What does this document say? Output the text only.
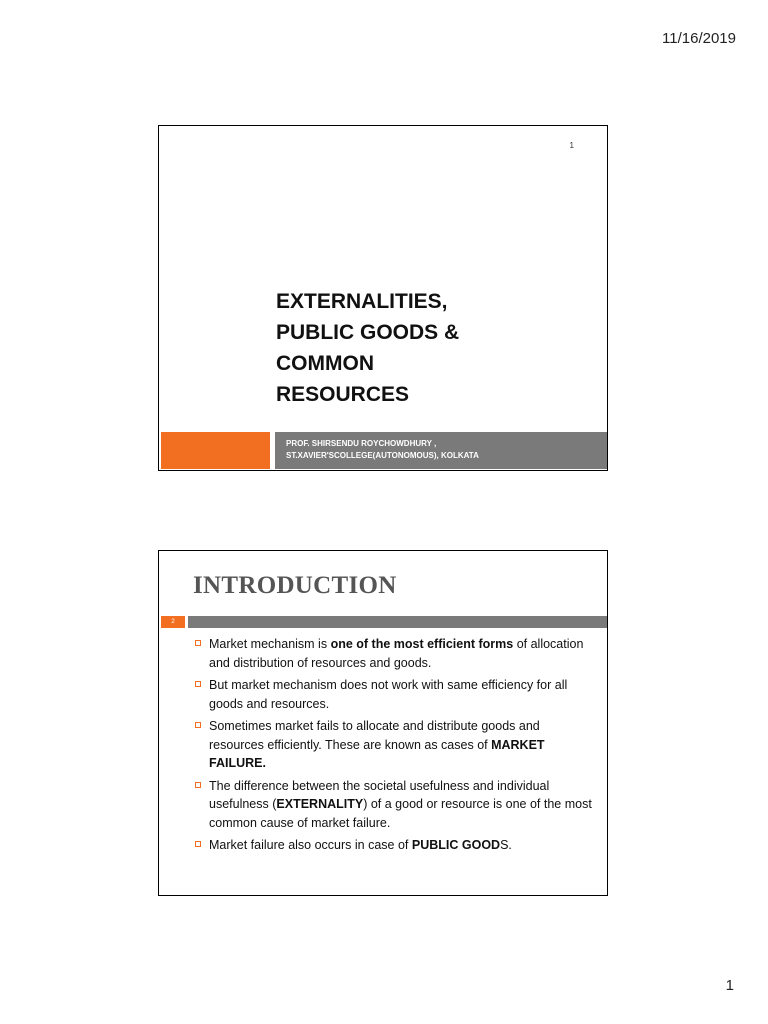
11/16/2019
1
EXTERNALITIES,
PUBLIC GOODS &
COMMON
RESOURCES
PROF. SHIRSENDU ROYCHOWDHURY ,
ST.XAVIER'SCOLLEGE(AUTONOMOUS), KOLKATA
INTRODUCTION
2
Market mechanism is one of the most efficient forms of allocation and distribution of resources and goods.
But market mechanism does not work with same efficiency for all goods and resources.
Sometimes market fails to allocate and distribute goods and resources efficiently. These are known as cases of MARKET FAILURE.
The difference between the societal usefulness and individual usefulness (EXTERNALITY) of a good or resource is one of the most common cause of market failure.
Market failure also occurs in case of PUBLIC GOODS.
1
